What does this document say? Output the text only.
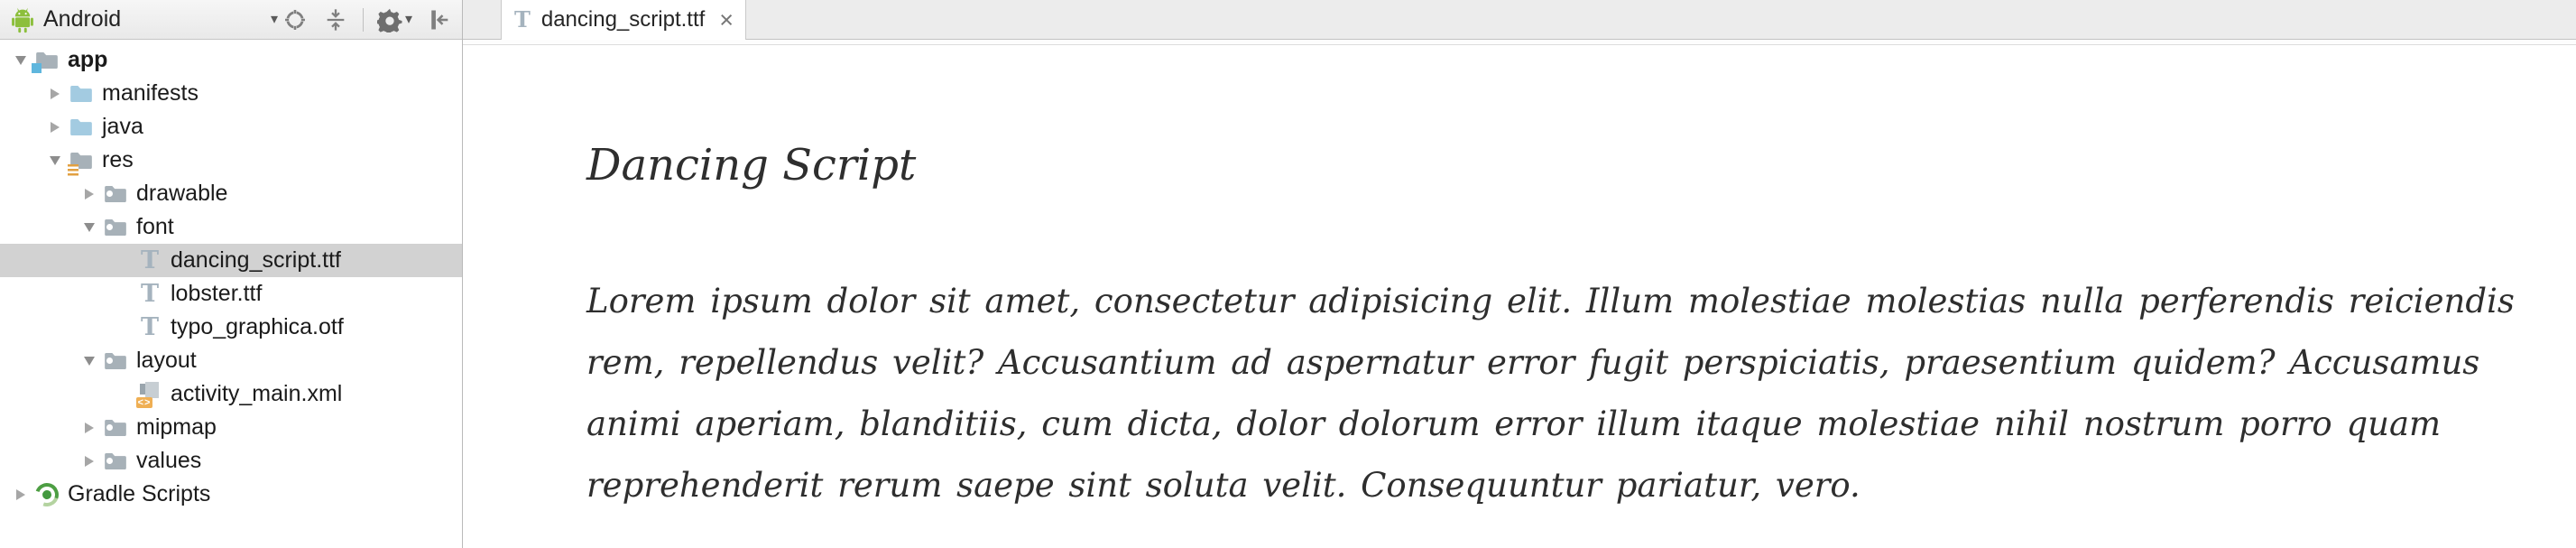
Android	▾	▾
app
manifests
java
res
drawable
font
T dancing_script.ttf
T lobster.ttf
T typo_graphica.otf
layout
<> activity_main.xml
mipmap
values
Gradle Scripts
T dancing_script.ttf ×
Dancing Script
Lorem ipsum dolor sit amet, consectetur adipisicing elit. Illum molestiae molestias nulla perferendis reiciendis
rem, repellendus velit? Accusantium ad aspernatur error fugit perspiciatis, praesentium quidem? Accusamus
animi aperiam, blanditiis, cum dicta, dolor dolorum error illum itaque molestiae nihil nostrum porro quam
reprehenderit rerum saepe sint soluta velit. Consequuntur pariatur, vero.
